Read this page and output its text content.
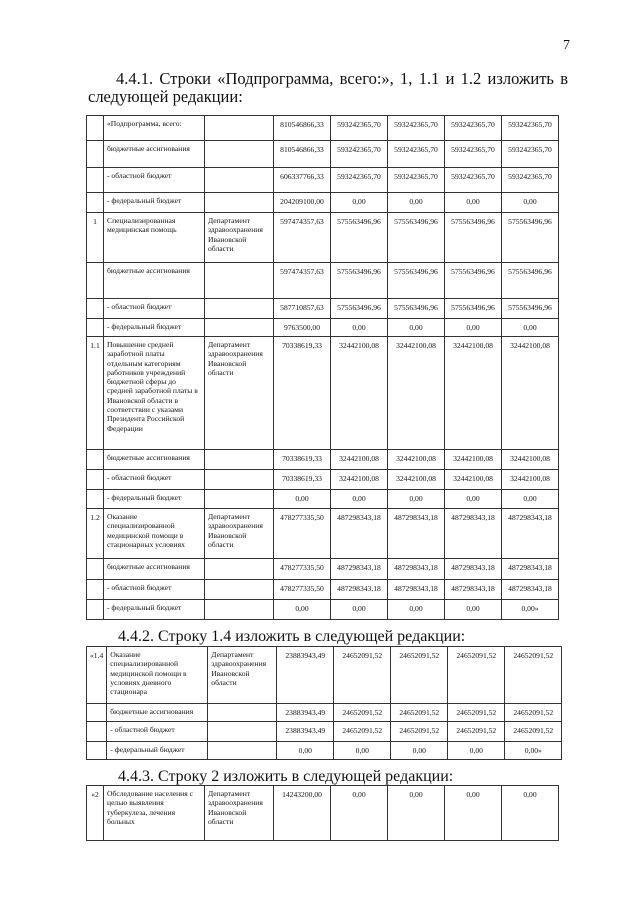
7
4.4.1. Строки «Подпрограмма, всего:», 1, 1.1 и 1.2 изложить в следующей редакции:
4.4.2. Строку 1.4 изложить в следующей редакции:
4.4.3. Строку 2 изложить в следующей редакции:
	«Подпрограмма, всего:		810546866,33	593242365,70	593242365,70	593242365,70	593242365,70
	бюджетные ассигнования		810546866,33	593242365,70	593242365,70	593242365,70	593242365,70
	- областной бюджет		606337766,33	593242365,70	593242365,70	593242365,70	593242365,70
	- федеральный бюджет		204209100,00	0,00	0,00	0,00	0,00
1	Специализированная медицинская помощь	Департамент здравоохранения Ивановской области	597474357,63	575563496,96	575563496,96	575563496,96	575563496,96
	бюджетные ассигнования		597474357,63	575563496,96	575563496,96	575563496,96	575563496,96
	- областной бюджет		587710857,63	575563496,96	575563496,96	575563496,96	575563496,96
	- федеральный бюджет		9763500,00	0,00	0,00	0,00	0,00
1.1	Повышение средней заработной платы отдельным категориям работников учреждений бюджетной сферы до средней заработной платы в Ивановской области в соответствии с указами Президента Российской Федерации	Департамент здравоохранения Ивановской области	70338619,33	32442100,08	32442100,08	32442100,08	32442100,08
	бюджетные ассигнования		70338619,33	32442100,08	32442100,08	32442100,08	32442100,08
	- областной бюджет		70338619,33	32442100,08	32442100,08	32442100,08	32442100,08
	- федеральный бюджет		0,00	0,00	0,00	0,00	0,00
1.2	Оказание специализированной медицинской помощи в стационарных условиях	Департамент здравоохранения Ивановской области	478277335,50	487298343,18	487298343,18	487298343,18	487298343,18
	бюджетные ассигнования		478277335,50	487298343,18	487298343,18	487298343,18	487298343,18
	- областной бюджет		478277335,50	487298343,18	487298343,18	487298343,18	487298343,18
	- федеральный бюджет		0,00	0,00	0,00	0,00	0,00»
«1.4	Оказание специализированной медицинской помощи в условиях дневного стационара	Департамент здравоохранения Ивановской области	23883943,49	24652091,52	24652091,52	24652091,52	24652091,52
	бюджетные ассигнования		23883943,49	24652091,52	24652091,52	24652091,52	24652091,52
	- областной бюджет		23883943,49	24652091,52	24652091,52	24652091,52	24652091,52
	- федеральный бюджет		0,00	0,00	0,00	0,00	0,00»
«2	Обследование населения с целью выявления туберкулеза, лечения больных	Департамент здравоохранения Ивановской области	14243200,00	0,00	0,00	0,00	0,00
